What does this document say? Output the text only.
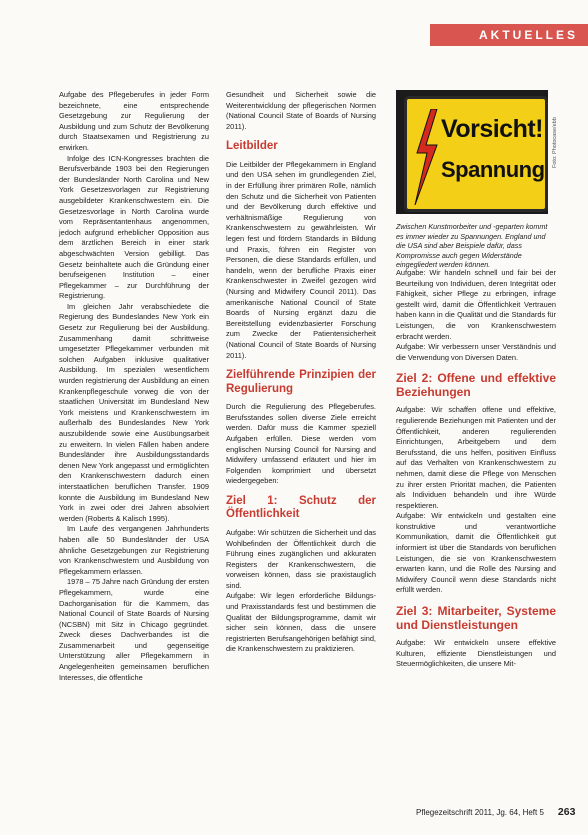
AKTUELLES

Aufgabe des Pflegeberufes in jeder Form bezeichnete, eine entsprechende Gesetzgebung zur Regulierung der Ausbildung und zum Schutz der Bevölkerung durch Staatsexamen und Registrierung zu erwirken.

Infolge des ICN-Kongresses brachten die Berufsverbände 1903 bei den Regierungen der Bundesländer North Carolina und New York Gesetzesvorlagen zur Registrierung ausgebildeter Krankenschwestern ein. Die Gesetzesvorlage in North Carolina wurde vom Repräsentantenhaus angenommen, jedoch aufgrund erheblicher Opposition aus dem ärztlichen Bereich in einer stark abgeschwächten Version gebilligt. Das Gesetz beinhaltete auch die Gründung einer berufseigenen Institution – einer Pflegekammer – zur Durchführung der Registrierung.

Im gleichen Jahr verabschiedete die Regierung des Bundeslandes New York ein Gesetz zur Regulierung bei der Ausbildung. Zusammenhang damit schrittweise umgesetzter Pflegekammer verbunden mit solchen Aufgaben inklusive qualitativer Ausbildung. Im spezialen wesentlichem wurden registrierung der Ausbildung an einen Krankenpflegeschule vorweg die von der staatlichen Universität im Bundesland New York meistens und Krankenschwestern im außerhalb des Bundeslandes New York auszubildende sowie eine Ausübungsarbeit zu erweitern. In vielen Fällen haben andere Bundesländer ihre Ausbildungsstandards denen New York angepasst und ermöglichten den Krankenschwestern dadurch einen interstaatlichen beruflichen Transfer. 1909 konnte die Ausbildung im Bundesland New York in zwei oder drei Jahren absolviert werden (Roberts & Kalisch 1995).

Im Laufe des vergangenen Jahrhunderts haben alle 50 Bundesländer der USA ähnliche Gesetzgebungen zur Registrierung von Krankenschwestern und Ausbildung von Pflegekammern erlassen.

1978 – 75 Jahre nach Gründung der ersten Pflegekammern, wurde eine Dachorganisation für die Kammern, das National Council of State Boards of Nursing (NCSBN) mit Sitz in Chicago gegründet. Zweck dieses Dachverbandes ist die Zusammenarbeit und gegenseitige Unterstützung aller Pflegekammern in Angelegenheiten gemeinsamen beruflichen Interesses, die öffentliche

Gesundheit und Sicherheit sowie die Weiterentwicklung der pflegerischen Normen (National Council State of Boards of Nursing 2011).

Leitbilder

Die Leitbilder der Pflegekammern in England und den USA sehen im grundlegenden Ziel, in der Erfüllung ihrer primären Rolle, nämlich den Schutz und die Sicherheit von Patienten und der Bevölkerung durch effektive und verhältnismäßige Regulierung von Krankenschwestern zu gewährleisten. Wir legen fest und fördern Standards in Bildung und Praxis, führen ein Register von Personen, die diese Standards erfüllen, und handeln, wenn der berufliche Praxis einer Krankenschwester in Zweifel gezogen wird (Nursing and Midwifery Council 2011). Das amerikanische National Council of State Boards of Nursing ergänzt dazu die Bereitstellung evidenzbasierter Forschung zum Zwecke der Patientensicherheit (National Council of State Boards of Nursing 2011).

Zielführende Prinzipien der Regulierung

Durch die Regulierung des Pflegeberufes. Berufsstandes sollen diverse Ziele erreicht werden. Dafür muss die Kammer speziell Aufgaben erfüllen. Diese werden vom englischen Nursing Council for Nursing and Midwifery umfassend erläutert und hier im Folgenden komprimiert und übersetzt wiedergegeben:

Ziel 1: Schutz der Öffentlichkeit

Aufgabe: Wir schützen die Sicherheit und das Wohlbefinden der Öffentlichkeit durch die Führung eines zugänglichen und akkuraten Registers der Krankenschwestern, die vorweisen können, dass sie praxistauglich sind.

Aufgabe: Wir legen erforderliche Bildungs- und Praxisstandards fest und bestimmen die Qualität der Bildungsprogramme, damit wir sicher sein können, dass die unsere registrierten Berufsangehörigen befähigt sind, die Krankenschwestern zu praktizieren.

Vorsicht!
Spannung
Foto: Photocase/ebb
Zwischen Kunstmorbeiter und -geparten kommt es immer wieder zu Spannungen. England und die USA sind aber Beispiele dafür, dass Kompromisse auch gegen Widerstände eingegliedert werden können.

Aufgabe: Wir handeln schnell und fair bei der Beurteilung von Individuen, deren Integrität oder Fähigkeit, sicher Pflege zu erbringen, infrage gestellt wird, damit die Öffentlichkeit Vertrauen haben kann in die Qualität und die Standards für Leistungen, die von Krankenschwestern erbracht werden.

Aufgabe: Wir verbessern unser Verständnis und die Verwendung von Diversen Daten.

Ziel 2: Offene und effektive Beziehungen

Aufgabe: Wir schaffen offene und effektive, regulierende Beziehungen mit Patienten und der Öffentlichkeit, anderen regulierenden Einrichtungen, Arbeitgebern und dem Berufsstand, die uns helfen, positiven Einfluss auf das Verhalten von Krankenschwestern zu nehmen, damit diese die Pflege von Menschen zu ihrer ersten Priorität machen, die Patienten als Individuen behandeln und ihre Würde respektieren.

Aufgabe: Wir entwickeln und gestalten eine konstruktive und verantwortliche Kommunikation, damit die Öffentlichkeit gut informiert ist über die Standards von beruflichen Leistungen, die sie von Krankenschwestern erwarten kann, und die Rolle des Nursing and Midwifery Council wenn diese Standards nicht erfüllt werden.

Ziel 3: Mitarbeiter, Systeme und Dienstleistungen

Aufgabe: Wir entwickeln unsere effektive Kulturen, effiziente Dienstleistungen und Steuermöglichkeiten, die unsere Mit-

Pflegezeitschrift 2011, Jg. 64, Heft 5 263
